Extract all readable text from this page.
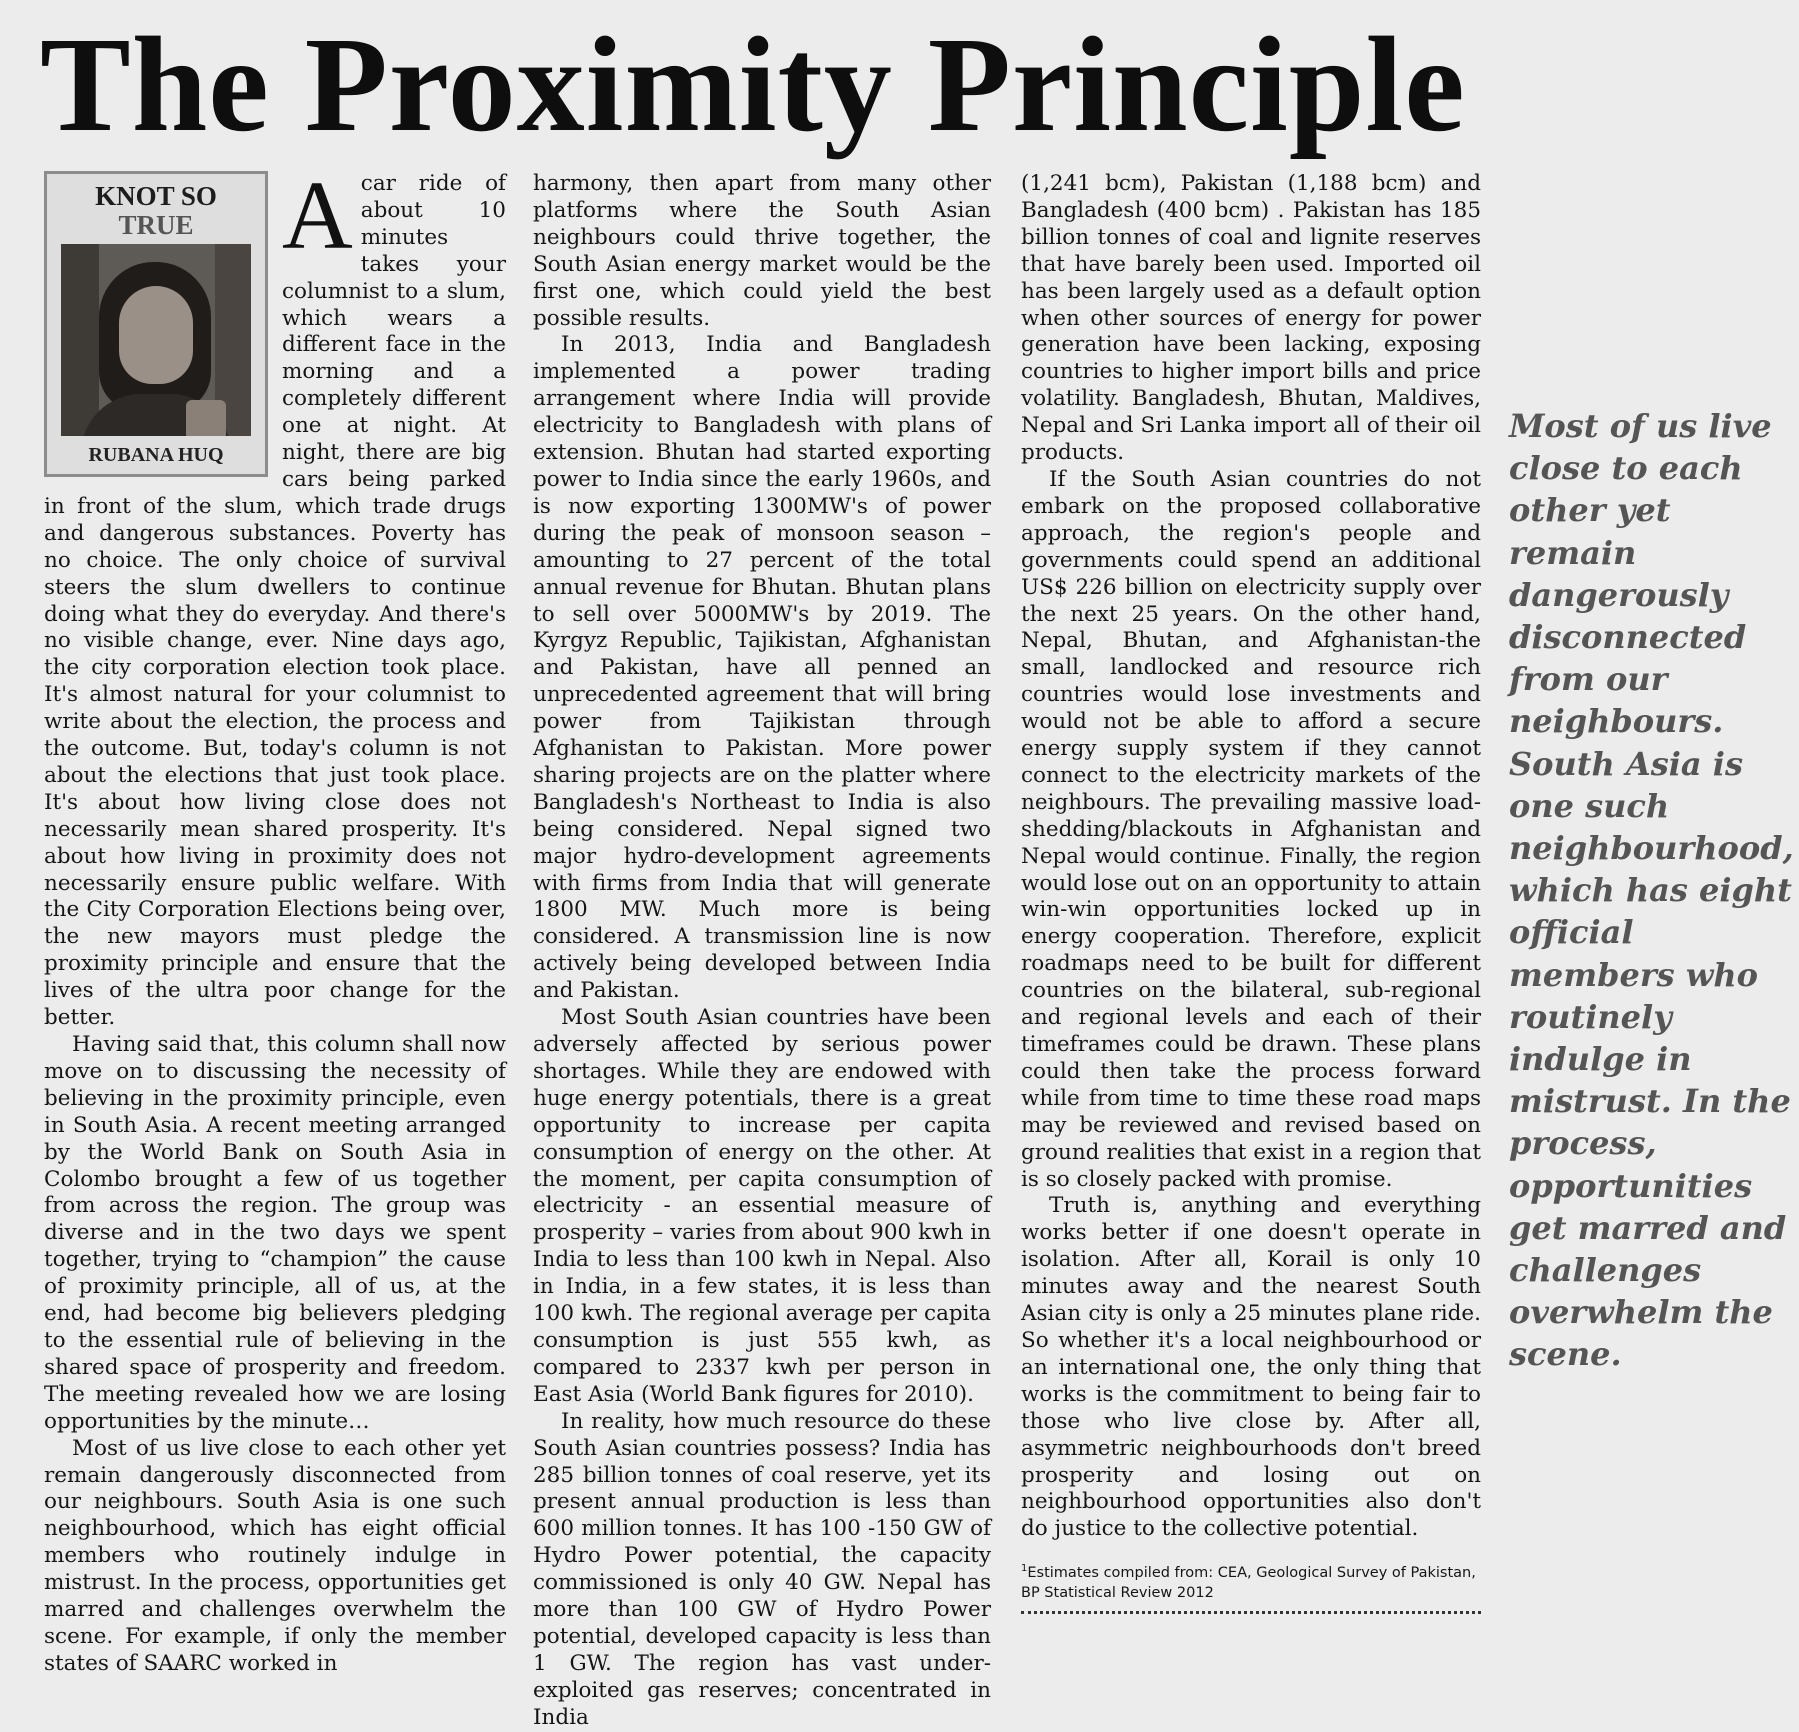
The Proximity Principle
KNOT SO
TRUE
RUBANA HUQ

A car ride of about 10 minutes takes your columnist to a slum, which wears a different face in the morning and a completely different one at night. At night, there are big cars being parked in front of the slum, which trade drugs and dangerous substances. Poverty has no choice. The only choice of survival steers the slum dwellers to continue doing what they do everyday. And there's no visible change, ever. Nine days ago, the city corporation election took place. It's almost natural for your columnist to write about the election, the process and the outcome. But, today's column is not about the elections that just took place. It's about how living close does not necessarily mean shared prosperity. It's about how living in proximity does not necessarily ensure public welfare. With the City Corporation Elections being over, the new mayors must pledge the proximity principle and ensure that the lives of the ultra poor change for the better.

Having said that, this column shall now move on to discussing the necessity of believing in the proximity principle, even in South Asia. A recent meeting arranged by the World Bank on South Asia in Colombo brought a few of us together from across the region. The group was diverse and in the two days we spent together, trying to “champion” the cause of proximity principle, all of us, at the end, had become big believers pledging to the essential rule of believing in the shared space of prosperity and freedom. The meeting revealed how we are losing opportunities by the minute…

Most of us live close to each other yet remain dangerously disconnected from our neighbours. South Asia is one such neighbourhood, which has eight official members who routinely indulge in mistrust. In the process, opportunities get marred and challenges overwhelm the scene. For example, if only the member states of SAARC worked in

harmony, then apart from many other platforms where the South Asian neighbours could thrive together, the South Asian energy market would be the first one, which could yield the best possible results.

In 2013, India and Bangladesh implemented a power trading arrangement where India will provide electricity to Bangladesh with plans of extension. Bhutan had started exporting power to India since the early 1960s, and is now exporting 1300MW's of power during the peak of monsoon season – amounting to 27 percent of the total annual revenue for Bhutan. Bhutan plans to sell over 5000MW's by 2019. The Kyrgyz Republic, Tajikistan, Afghanistan and Pakistan, have all penned an unprecedented agreement that will bring power from Tajikistan through Afghanistan to Pakistan. More power sharing projects are on the platter where Bangladesh's Northeast to India is also being considered. Nepal signed two major hydro-development agreements with firms from India that will generate 1800 MW. Much more is being considered. A transmission line is now actively being developed between India and Pakistan.

Most South Asian countries have been adversely affected by serious power shortages. While they are endowed with huge energy potentials, there is a great opportunity to increase per capita consumption of energy on the other. At the moment, per capita consumption of electricity - an essential measure of prosperity – varies from about 900 kwh in India to less than 100 kwh in Nepal. Also in India, in a few states, it is less than 100 kwh. The regional average per capita consumption is just 555 kwh, as compared to 2337 kwh per person in East Asia (World Bank figures for 2010).

In reality, how much resource do these South Asian countries possess? India has 285 billion tonnes of coal reserve, yet its present annual production is less than 600 million tonnes. It has 100 -150 GW of Hydro Power potential, the capacity commissioned is only 40 GW. Nepal has more than 100 GW of Hydro Power potential, developed capacity is less than 1 GW. The region has vast under-exploited gas reserves; concentrated in India

(1,241 bcm), Pakistan (1,188 bcm) and Bangladesh (400 bcm) . Pakistan has 185 billion tonnes of coal and lignite reserves that have barely been used. Imported oil has been largely used as a default option when other sources of energy for power generation have been lacking, exposing countries to higher import bills and price volatility. Bangladesh, Bhutan, Maldives, Nepal and Sri Lanka import all of their oil products.

If the South Asian countries do not embark on the proposed collaborative approach, the region's people and governments could spend an additional US$ 226 billion on electricity supply over the next 25 years. On the other hand, Nepal, Bhutan, and Afghanistan-the small, landlocked and resource rich countries would lose investments and would not be able to afford a secure energy supply system if they cannot connect to the electricity markets of the neighbours. The prevailing massive load-shedding/blackouts in Afghanistan and Nepal would continue. Finally, the region would lose out on an opportunity to attain win-win opportunities locked up in energy cooperation. Therefore, explicit roadmaps need to be built for different countries on the bilateral, sub-regional and regional levels and each of their timeframes could be drawn. These plans could then take the process forward while from time to time these road maps may be reviewed and revised based on ground realities that exist in a region that is so closely packed with promise.

Truth is, anything and everything works better if one doesn't operate in isolation. After all, Korail is only 10 minutes away and the nearest South Asian city is only a 25 minutes plane ride. So whether it's a local neighbourhood or an international one, the only thing that works is the commitment to being fair to those who live close by. After all, asymmetric neighbourhoods don't breed prosperity and losing out on neighbourhood opportunities also don't do justice to the collective potential.

$^1$Estimates compiled from: CEA, Geological Survey of Pakistan, BP Statistical Review 2012

Most of us live close to each other yet remain dangerously disconnected from our neighbours. South Asia is one such neighbourhood, which has eight official members who routinely indulge in mistrust. In the process, opportunities get marred and challenges overwhelm the scene.
